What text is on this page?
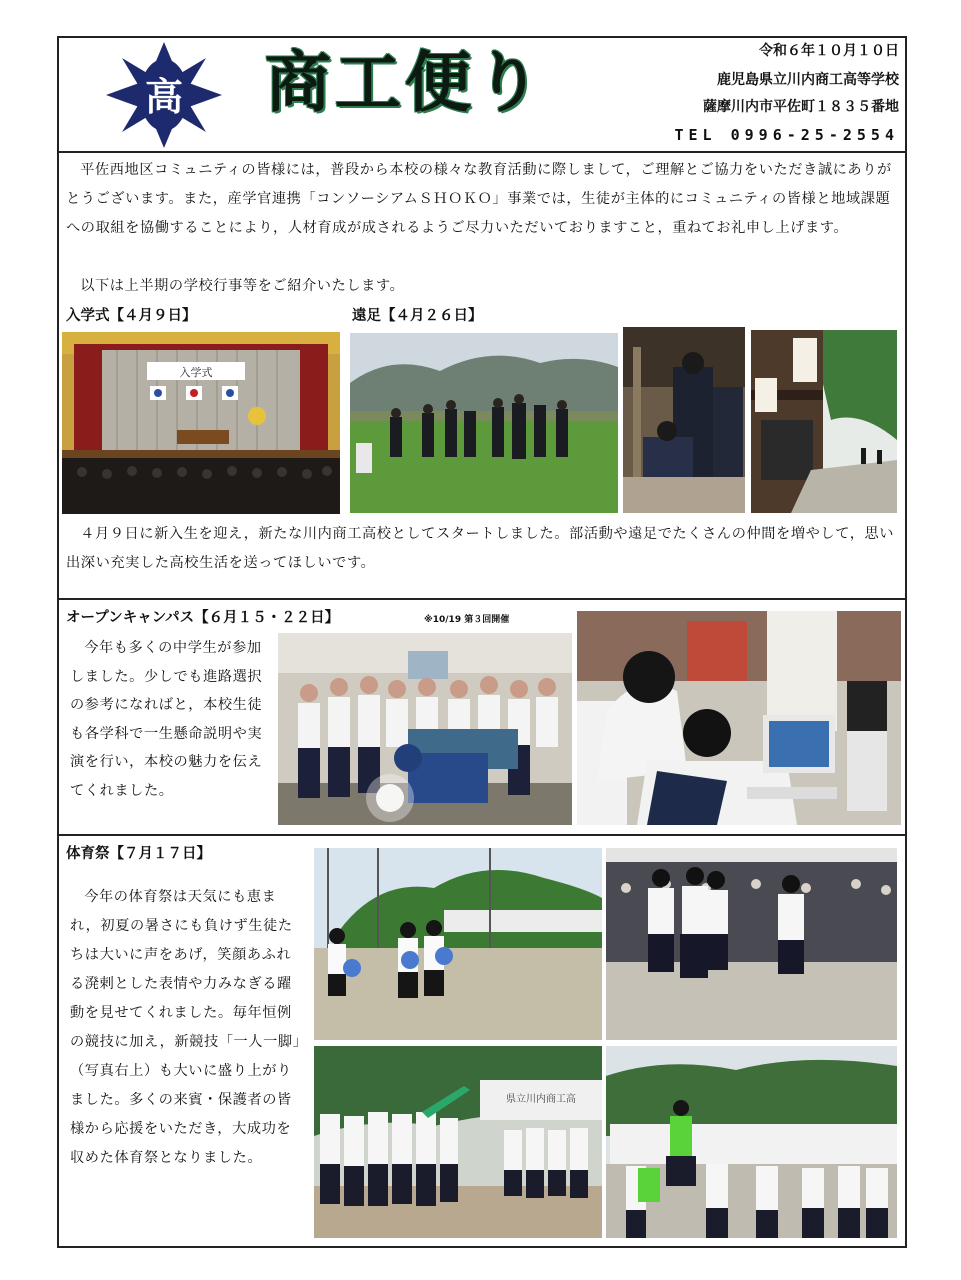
高 商工便り	令和６年１０月１０日
鹿児島県立川内商工高等学校
薩摩川内市平佐町１８３５番地
TEL 0996-25-2554
平佐西地区コミュニティの皆様には，普段から本校の様々な教育活動に際しまして，ご理解とご協力をいただき誠にありがとうございます。また，産学官連携「コンソーシアムＳＨＯＫＯ」事業では，生徒が主体的にコミュニティの皆様と地域課題への取組を協働することにより，人材育成が成されるようご尽力いただいておりますこと，重ねてお礼申し上げます。
以下は上半期の学校行事等をご紹介いたします。
入学式【４月９日】	遠足【４月２６日】
入学式
４月９日に新入生を迎え，新たな川内商工高校としてスタートしました。部活動や遠足でたくさんの仲間を増やして，思い出深い充実した高校生活を送ってほしいです。
オープンキャンパス【６月１５・２２日】	※10/19 第３回開催
今年も多くの中学生が参加しました。少しでも進路選択の参考になればと，本校生徒も各学科で一生懸命説明や実演を行い，本校の魅力を伝えてくれました。
体育祭【７月１７日】
今年の体育祭は天気にも恵まれ，初夏の暑さにも負けず生徒たちは大いに声をあげ，笑顔あふれる溌剌とした表情や力みなぎる躍動を見せてくれました。毎年恒例の競技に加え，新競技「一人一脚」（写真右上）も大いに盛り上がりました。多くの来賓・保護者の皆様から応援をいただき，大成功を収めた体育祭となりました。
県立川内商工高
